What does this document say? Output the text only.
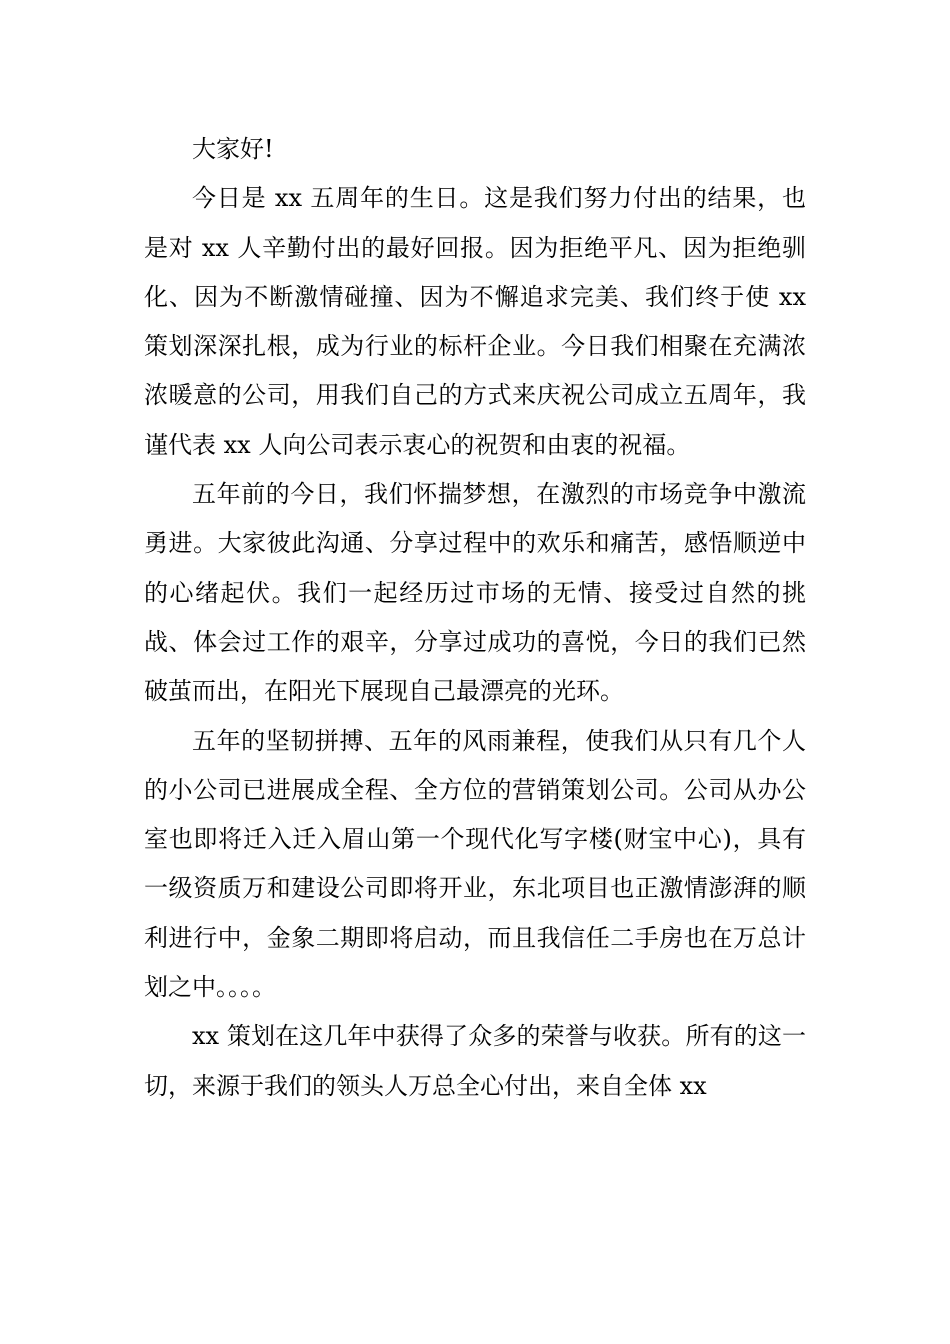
大家好!

今日是 xx 五周年的生日。这是我们努力付出的结果，也是对 xx 人辛勤付出的最好回报。因为拒绝平凡、因为拒绝驯化、因为不断激情碰撞、因为不懈追求完美、我们终于使 xx 策划深深扎根，成为行业的标杆企业。今日我们相聚在充满浓浓暖意的公司，用我们自己的方式来庆祝公司成立五周年，我谨代表 xx 人向公司表示衷心的祝贺和由衷的祝福。

五年前的今日，我们怀揣梦想，在激烈的市场竞争中激流勇进。大家彼此沟通、分享过程中的欢乐和痛苦，感悟顺逆中的心绪起伏。我们一起经历过市场的无情、接受过自然的挑战、体会过工作的艰辛，分享过成功的喜悦，今日的我们已然破茧而出，在阳光下展现自己最漂亮的光环。

五年的坚韧拼搏、五年的风雨兼程，使我们从只有几个人的小公司已进展成全程、全方位的营销策划公司。公司从办公室也即将迁入迁入眉山第一个现代化写字楼(财宝中心)，具有一级资质万和建设公司即将开业，东北项目也正激情澎湃的顺利进行中，金象二期即将启动，而且我信任二手房也在万总计划之中。。。。

xx 策划在这几年中获得了众多的荣誉与收获。所有的这一切，来源于我们的领头人万总全心付出，来自全体 xx
